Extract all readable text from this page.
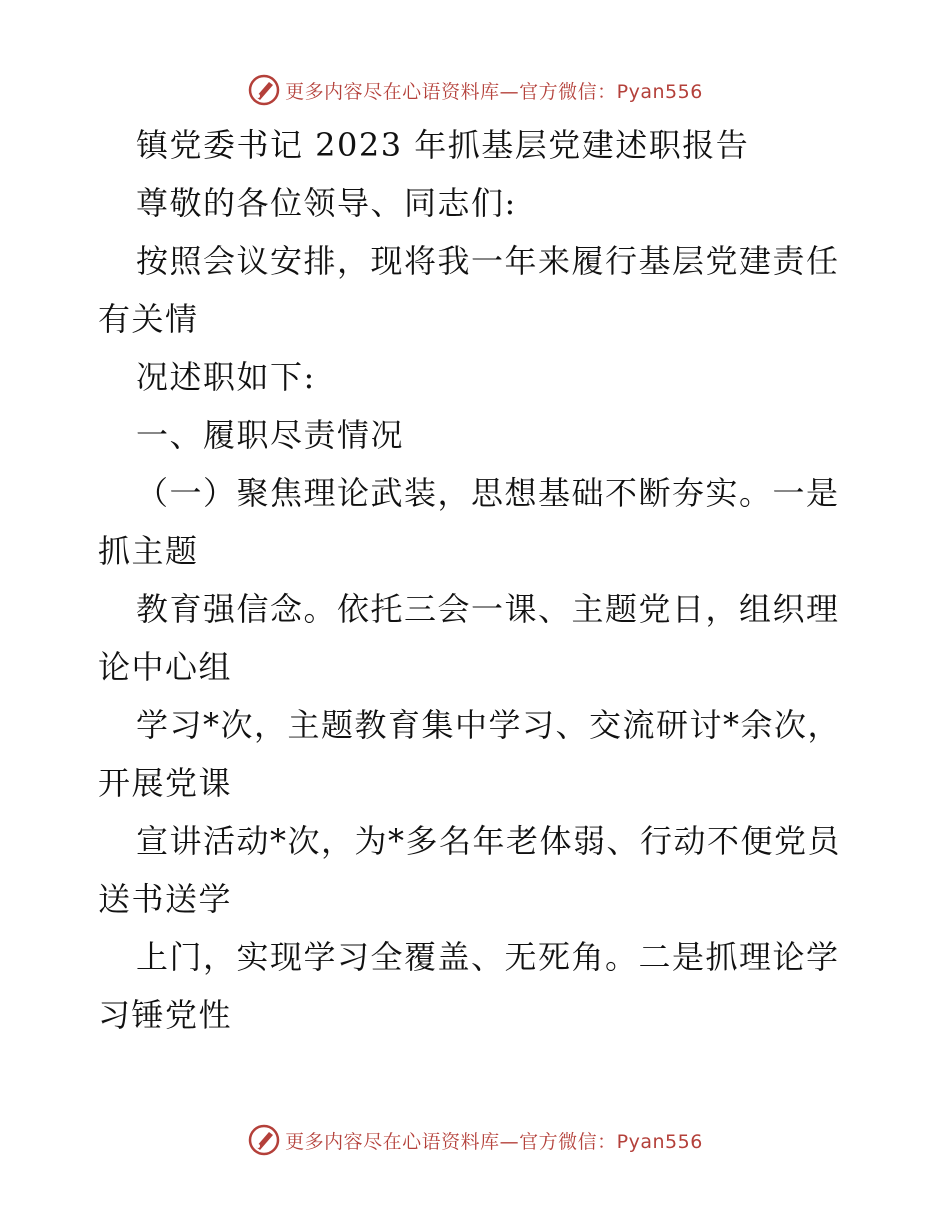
更多内容尽在心语资料库—官方微信：Pyan556
镇党委书记 2023 年抓基层党建述职报告
尊敬的各位领导、同志们:
按照会议安排，现将我一年来履行基层党建责任
有关情
况述职如下:
一、履职尽责情况
（一）聚焦理论武装，思想基础不断夯实。一是
抓主题
教育强信念。依托三会一课、主题党日，组织理
论中心组
学习*次，主题教育集中学习、交流研讨*余次，
开展党课
宣讲活动*次，为*多名年老体弱、行动不便党员
送书送学
上门，实现学习全覆盖、无死角。二是抓理论学
习锤党性
更多内容尽在心语资料库—官方微信：Pyan556
